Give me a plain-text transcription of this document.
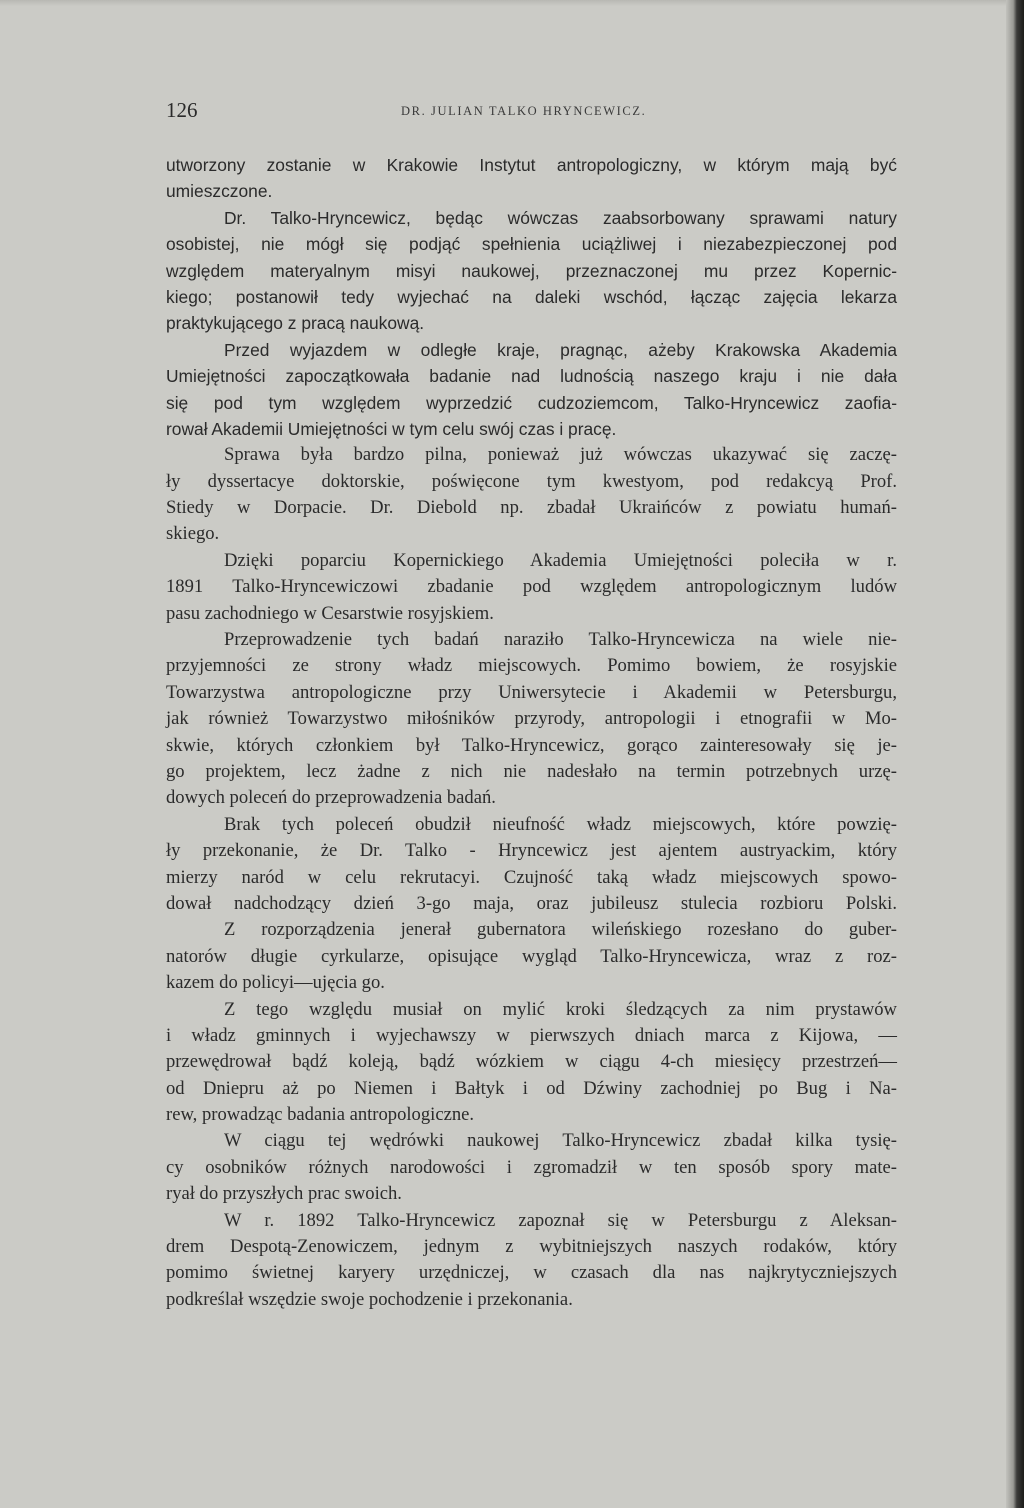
126	DR. JULIAN TALKO HRYNCEWICZ.
utworzony zostanie w Krakowie Instytut antropologiczny, w którym mają być
umieszczone.
Dr. Talko-Hryncewicz, będąc wówczas zaabsorbowany sprawami natury
osobistej, nie mógł się podjąć spełnienia uciążliwej i niezabezpieczonej pod
względem materyalnym misyi naukowej, przeznaczonej mu przez Kopernic-
kiego; postanowił tedy wyjechać na daleki wschód, łącząc zajęcia lekarza
praktykującego z pracą naukową.
Przed wyjazdem w odległe kraje, pragnąc, ażeby Krakowska Akademia
Umiejętności zapoczątkowała badanie nad ludnością naszego kraju i nie dała
się pod tym względem wyprzedzić cudzoziemcom, Talko-Hryncewicz zaofia-
rował Akademii Umiejętności w tym celu swój czas i pracę.
Sprawa była bardzo pilna, ponieważ już wówczas ukazywać się zaczę-
ły dyssertacye doktorskie, poświęcone tym kwestyom, pod redakcyą Prof.
Stiedy w Dorpacie. Dr. Diebold np. zbadał Ukraińców z powiatu humań-
skiego.
Dzięki poparciu Kopernickiego Akademia Umiejętności poleciła w r.
1891 Talko-Hryncewiczowi zbadanie pod względem antropologicznym ludów
pasu zachodniego w Cesarstwie rosyjskiem.
Przeprowadzenie tych badań naraziło Talko-Hryncewicza na wiele nie-
przyjemności ze strony władz miejscowych. Pomimo bowiem, że rosyjskie
Towarzystwa antropologiczne przy Uniwersytecie i Akademii w Petersburgu,
jak również Towarzystwo miłośników przyrody, antropologii i etnografii w Mo-
skwie, których członkiem był Talko-Hryncewicz, gorąco zainteresowały się je-
go projektem, lecz żadne z nich nie nadesłało na termin potrzebnych urzę-
dowych poleceń do przeprowadzenia badań.
Brak tych poleceń obudził nieufność władz miejscowych, które powzię-
ły przekonanie, że Dr. Talko - Hryncewicz jest ajentem austryackim, który
mierzy naród w celu rekrutacyi. Czujność taką władz miejscowych spowo-
dował nadchodzący dzień 3-go maja, oraz jubileusz stulecia rozbioru Polski.
Z rozporządzenia jenerał gubernatora wileńskiego rozesłano do guber-
natorów długie cyrkularze, opisujące wygląd Talko-Hryncewicza, wraz z roz-
kazem do policyi—ujęcia go.
Z tego względu musiał on mylić kroki śledzących za nim prystawów
i władz gminnych i wyjechawszy w pierwszych dniach marca z Kijowa, —
przewędrował bądź koleją, bądź wózkiem w ciągu 4-ch miesięcy przestrzeń—
od Dniepru aż po Niemen i Bałtyk i od Dźwiny zachodniej po Bug i Na-
rew, prowadząc badania antropologiczne.
W ciągu tej wędrówki naukowej Talko-Hryncewicz zbadał kilka tysię-
cy osobników różnych narodowości i zgromadził w ten sposób spory mate-
ryał do przyszłych prac swoich.
W r. 1892 Talko-Hryncewicz zapoznał się w Petersburgu z Aleksan-
drem Despotą-Zenowiczem, jednym z wybitniejszych naszych rodaków, który
pomimo świetnej karyery urzędniczej, w czasach dla nas najkrytyczniejszych
podkreślał wszędzie swoje pochodzenie i przekonania.
